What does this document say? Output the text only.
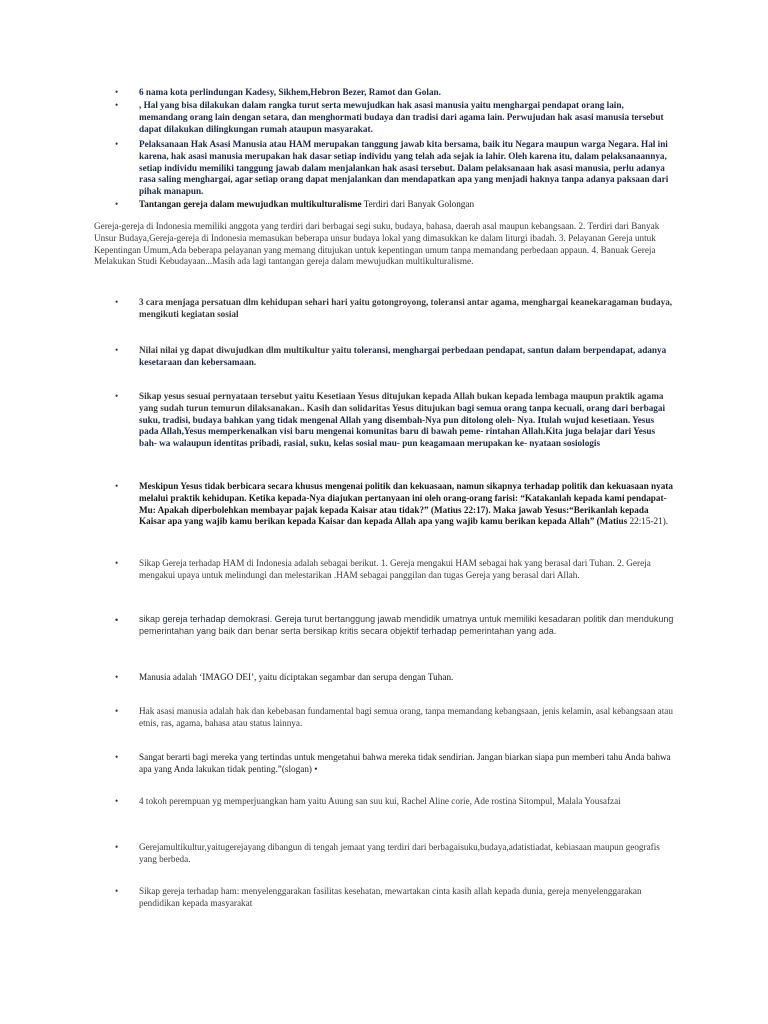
• 6 nama kota perlindungan Kadesy, Sikhem,Hebron Bezer, Ramot dan Golan.
• , Hal yang bisa dilakukan dalam rangka turut serta mewujudkan hak asasi manusia yaitu menghargai pendapat orang lain, memandang orang lain dengan setara, dan menghormati budaya dan tradisi dari agama lain. Perwujudan hak asasi manusia tersebut dapat dilakukan dilingkungan rumah ataupun masyarakat.
• Pelaksanaan Hak Asasi Manusia atau HAM merupakan tanggung jawab kita bersama, baik itu Negara maupun warga Negara. Hal ini karena, hak asasi manusia merupakan hak dasar setiap individu yang telah ada sejak ia lahir. Oleh karena itu, dalam pelaksanaannya, setiap individu memiliki tanggung jawab dalam menjalankan hak asasi tersebut. Dalam pelaksanaan hak asasi manusia, perlu adanya rasa saling menghargai, agar setiap orang dapat menjalankan dan mendapatkan apa yang menjadi haknya tanpa adanya paksaan dari pihak manapun.
• Tantangan gereja dalam mewujudkan multikulturalisme Terdiri dari Banyak Golongan
Gereja-gereja di Indonesia memiliki anggota yang terdiri dari berbagai segi suku, budaya, bahasa, daerah asal maupun kebangsaan. 2. Terdiri dari Banyak Unsur Budaya,Gereja-gereja di Indonesia memasukan beberapa unsur budaya lokal yang dimasukkan ke dalam liturgi ibadah. 3. Pelayanan Gereja untuk Kepentingan Umum,Ada beberapa pelayanan yang memang ditujukan untuk kepentingan umum tanpa memandang perbedaan appaun. 4. Banuak Gereja Melakukan Studi Kebudayaan...Masih ada lagi tantangan gereja dalam mewujudkan multikulturalisme.
• 3 cara menjaga persatuan dlm kehidupan sehari hari yaitu gotongroyong, toleransi antar agama, menghargai keanekaragaman budaya, mengikuti kegiatan sosial
• Nilai nilai yg dapat diwujudkan dlm multikultur yaitu toleransi, menghargai perbedaan pendapat, santun dalam berpendapat, adanya kesetaraan dan kebersamaan.
• Sikap yesus sesuai pernyataan tersebut yaitu Kesetiaan Yesus ditujukan kepada Allah bukan kepada lembaga maupun praktik agama yang sudah turun temurun dilaksanakan.. Kasih dan solidaritas Yesus ditujukan bagi semua orang tanpa kecuali, orang dari berbagai suku, tradisi, budaya bahkan yang tidak mengenal Allah yang disembah-Nya pun ditolong oleh- Nya. Itulah wujud kesetiaan. Yesus pada Allah,Yesus memperkenalkan visi baru mengenai komunitas baru di bawah peme- rintahan Allah.Kita juga belajar dari Yesus bah- wa walaupun identitas pribadi, rasial, suku, kelas sosial mau- pun keagamaan merupakan ke- nyataan sosiologis
• Meskipun Yesus tidak berbicara secara khusus mengenai politik dan kekuasaan, namun sikapnya terhadap politik dan kekuasaan nyata melalui praktik kehidupan. Ketika kepada-Nya diajukan pertanyaan ini oleh orang-orang farisi: “Katakanlah kepada kami pendapat-Mu: Apakah diperbolehkan membayar pajak kepada Kaisar atau tidak?” (Matius 22:17). Maka jawab Yesus:“Berikanlah kepada Kaisar apa yang wajib kamu berikan kepada Kaisar dan kepada Allah apa yang wajib kamu berikan kepada Allah” (Matius 22:15-21).
• Sikap Gereja terhadap HAM di Indonesia adalah sebagai berikut. 1. Gereja mengakui HAM sebagai hak yang berasal dari Tuhan. 2. Gereja mengakui upaya untuk melindungi dan melestarikan .HAM sebagai panggilan dan tugas Gereja yang berasal dari Allah.
• sikap gereja terhadap demokrasi. Gereja turut bertanggung jawab mendidik umatnya untuk memiliki kesadaran politik dan mendukung pemerintahan yang baik dan benar serta bersikap kritis secara objektif terhadap pemerintahan yang ada.
• Manusia adalah ‘IMAGO DEI’, yaitu diciptakan segambar dan serupa dengan Tuhan.
• Hak asasi manusia adalah hak dan kebebasan fundamental bagi semua orang, tanpa memandang kebangsaan, jenis kelamin, asal kebangsaan atau etnis, ras, agama, bahasa atau status lainnya.
• Sangat berarti bagi mereka yang tertindas untuk mengetahui bahwa mereka tidak sendirian. Jangan biarkan siapa pun memberi tahu Anda bahwa apa yang Anda lakukan tidak penting.”(slogan) •
• 4 tokoh perempuan yg memperjuangkan ham yaitu Auung san suu kui, Rachel Aline corie, Ade rostina Sitompul, Malala Yousafzai
• Gerejamultikultur,yaitugerejayang dibangun di tengah jemaat yang terdiri dari berbagaisuku,budaya,adatistiadat, kebiasaan maupun geografis yang berbeda.
• Sikap gereja terhadap ham: menyelenggarakan fasilitas kesehatan, mewartakan cinta kasih allah kepada dunia, gereja menyelenggarakan pendidikan kepada masyarakat
